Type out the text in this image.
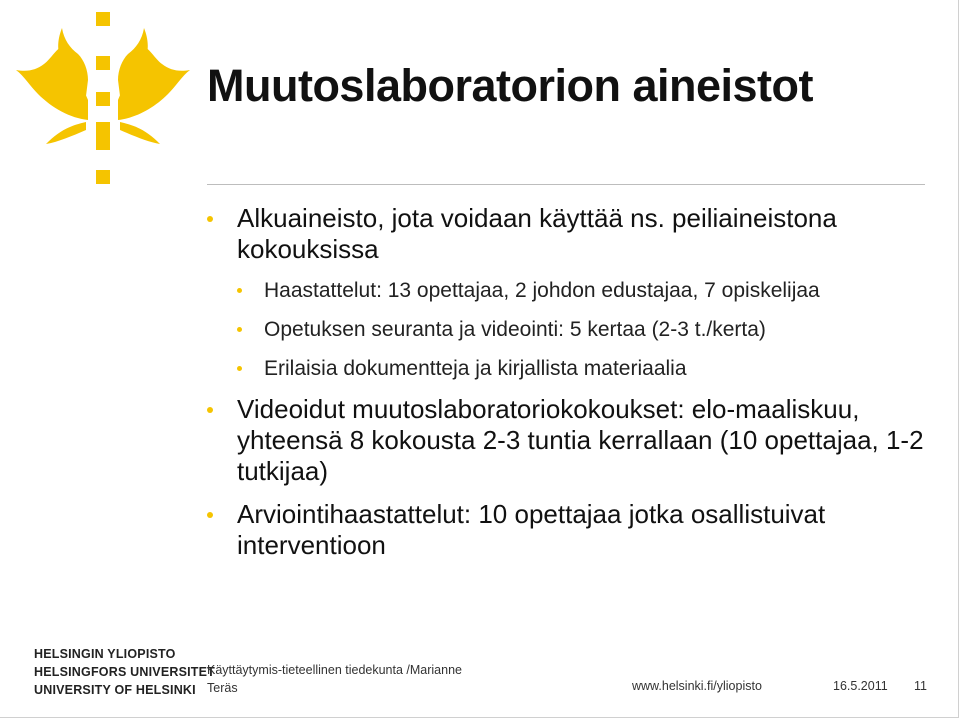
Muutoslaboratorion aineistot
Alkuaineisto, jota voidaan käyttää ns. peiliaineistona kokouksissa
Haastattelut: 13 opettajaa, 2 johdon edustajaa, 7 opiskelijaa
Opetuksen seuranta ja videointi: 5 kertaa (2-3 t./kerta)
Erilaisia dokumentteja ja kirjallista materiaalia
Videoidut muutoslaboratoriokokoukset: elo-maaliskuu, yhteensä 8 kokousta 2-3 tuntia kerrallaan (10 opettajaa, 1-2 tutkijaa)
Arviointihaastattelut: 10 opettajaa jotka osallistuivat interventioon
HELSINGIN YLIOPISTO
HELSINGFORS UNIVERSITET
UNIVERSITY OF HELSINKI
Käyttäytymis-tieteellinen tiedekunta /Marianne Teräs	www.helsinki.fi/yliopisto	16.5.2011 11
